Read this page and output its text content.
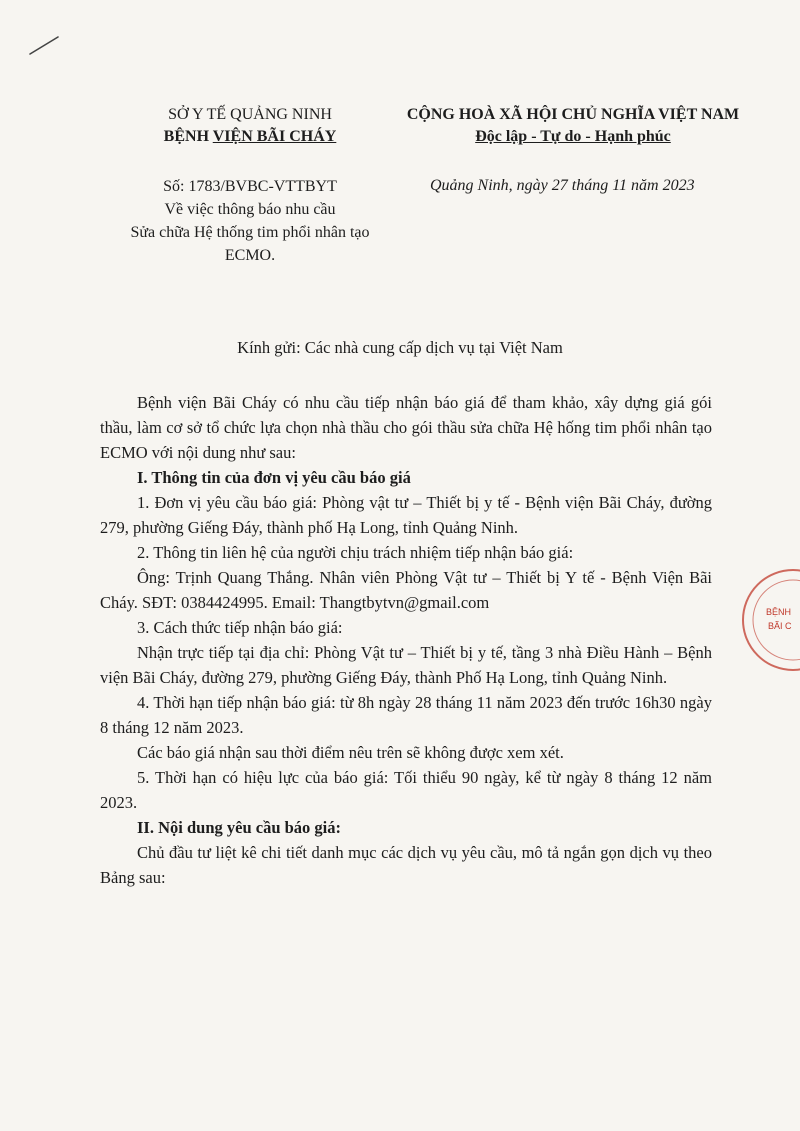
SỞ Y TẾ QUẢNG NINH
BỆNH VIỆN BÃI CHÁY
CỘNG HOÀ XÃ HỘI CHỦ NGHĨA VIỆT NAM
Độc lập - Tự do - Hạnh phúc
Số: 1783/BVBC-VTTBYT
Về việc thông báo nhu cầu
Sửa chữa Hệ thống tim phổi nhân tạo
ECMO.
Quảng Ninh, ngày 27 tháng 11 năm 2023
Kính gửi: Các nhà cung cấp dịch vụ tại Việt Nam

Bệnh viện Bãi Cháy có nhu cầu tiếp nhận báo giá để tham khảo, xây dựng giá gói thầu, làm cơ sở tổ chức lựa chọn nhà thầu cho gói thầu sửa chữa Hệ hống tim phổi nhân tạo ECMO với nội dung như sau:

I. Thông tin của đơn vị yêu cầu báo giá

1. Đơn vị yêu cầu báo giá: Phòng vật tư – Thiết bị y tế - Bệnh viện Bãi Cháy, đường 279, phường Giếng Đáy, thành phố Hạ Long, tỉnh Quảng Ninh.

2. Thông tin liên hệ của người chịu trách nhiệm tiếp nhận báo giá:

Ông: Trịnh Quang Thắng. Nhân viên Phòng Vật tư – Thiết bị Y tế - Bệnh Viện Bãi Cháy. SĐT: 0384424995. Email: Thangtbytvn@gmail.com

3. Cách thức tiếp nhận báo giá:

Nhận trực tiếp tại địa chỉ: Phòng Vật tư – Thiết bị y tế, tầng 3 nhà Điều Hành – Bệnh viện Bãi Cháy, đường 279, phường Giếng Đáy, thành Phố Hạ Long, tỉnh Quảng Ninh.

4. Thời hạn tiếp nhận báo giá: từ 8h ngày 28 tháng 11 năm 2023 đến trước 16h30 ngày 8 tháng 12 năm 2023.

Các báo giá nhận sau thời điểm nêu trên sẽ không được xem xét.

5. Thời hạn có hiệu lực của báo giá: Tối thiểu 90 ngày, kể từ ngày 8 tháng 12 năm 2023.

II. Nội dung yêu cầu báo giá:

Chủ đầu tư liệt kê chi tiết danh mục các dịch vụ yêu cầu, mô tả ngắn gọn dịch vụ theo Bảng sau:

BỆNH
BÃI C
